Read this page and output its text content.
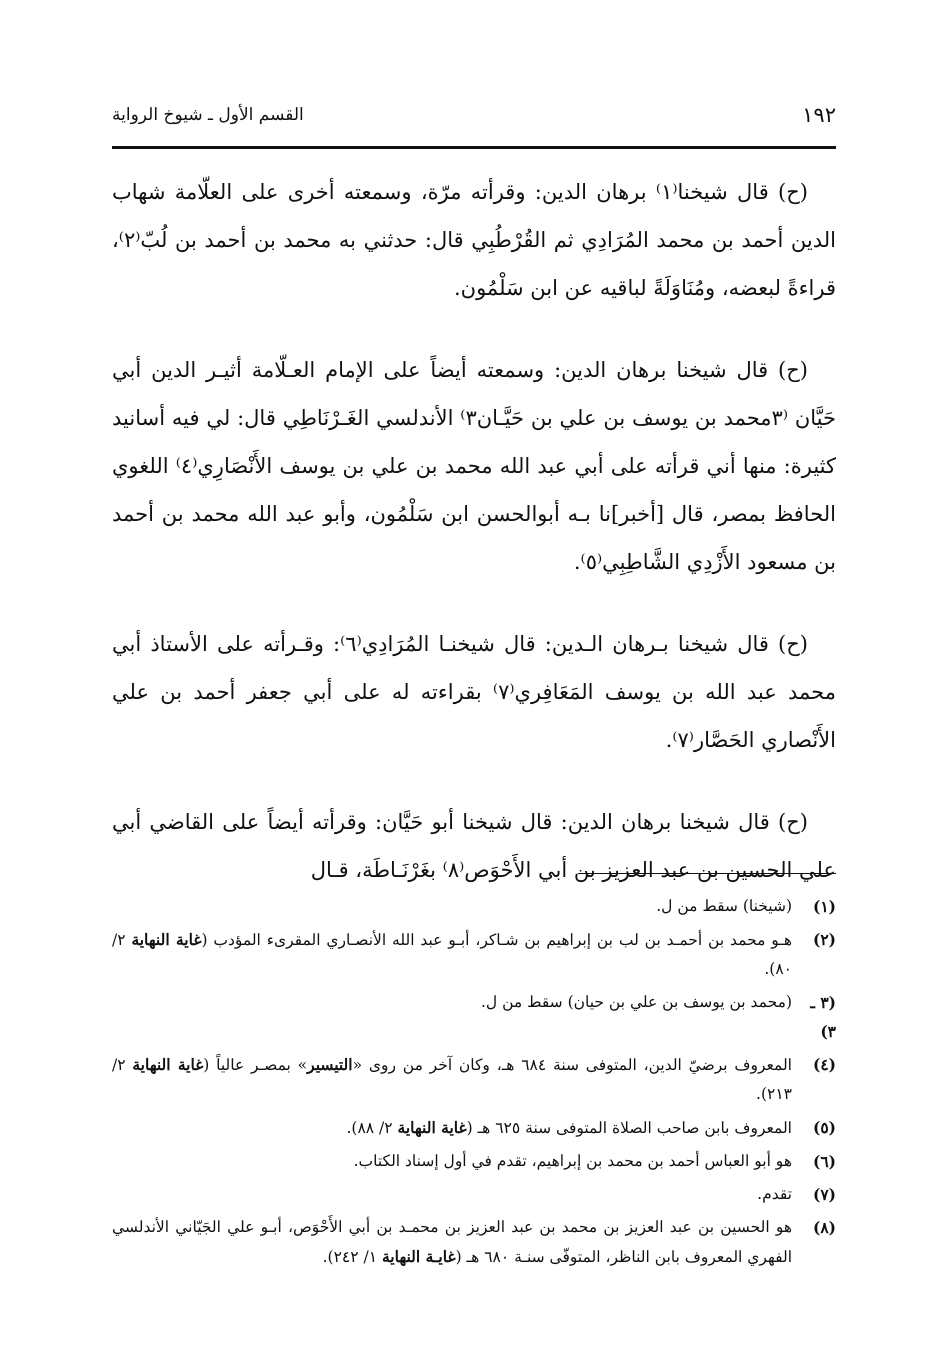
١٩٢
القسم الأول ـ شيوخ الرواية

(ح) قال شيخنا⁽١⁾ برهان الدين: وقرأته مرّة، وسمعته أخرى على العلّامة شهاب الدين أحمد بن محمد المُرَادِي ثم القُرْطُبِي قال: حدثني به محمد بن أحمد بن لُبّ⁽٢⁾، قراءةً لبعضه، ومُنَاوَلَةً لباقيه عن ابن سَلْمُون.

(ح) قال شيخنا برهان الدين: وسمعته أيضاً على الإمام العـلّامة أثيـر الدين أبي حَيَّان ⁽٣محمد بن يوسف بن علي بن حَيَّـان٣⁾ الأندلسي الغَـرْنَاطِي قال: لي فيه أسانيد كثيرة: منها أني قرأته على أبي عبد الله محمد بن علي بن يوسف الأَنْصَارِي⁽٤⁾ اللغوي الحافظ بمصر، قال [أخبر]نا بـه أبوالحسن ابن سَلْمُون، وأبو عبد الله محمد بن أحمد بن مسعود الأَزْدِي الشَّاطِبِي⁽٥⁾.

(ح) قال شيخنا بـرهان الـدين: قال شيخنـا المُرَادِي⁽٦⁾: وقـرأته على الأستاذ أبي محمد عبد الله بن يوسف المَعَافِري⁽٧⁾ بقراءته له على أبي جعفر أحمد بن علي الأَنْصاري الحَصَّار⁽٧⁾.

(ح) قال شيخنا برهان الدين: قال شيخنا أبو حَيَّان: وقرأته أيضاً على القاضي أبي علي الحسين بن عبد العزيز بن أبي الأَحْوَص⁽٨⁾ بغَرْنَـاطَة، قـال

(١)
(شيخنا) سقط من ل.
(٢)
هـو محمد بن أحمـد بن لب بن إبراهيم بن شـاكر، أبـو عبد الله الأنصـاري المقرىء المؤدب (غاية النهاية ٢/ ٨٠).
(٣ ـ ٣)
(محمد بن يوسف بن علي بن حيان) سقط من ل.
(٤)
المعروف برضيّ الدين، المتوفى سنة ٦٨٤ هـ، وكان آخر من روى «التيسير» بمصـر عالياً (غاية النهاية ٢/ ٢١٣).
(٥)
المعروف بابن صاحب الصلاة المتوفى سنة ٦٢٥ هـ (غاية النهاية ٢/ ٨٨).
(٦)
هو أبو العباس أحمد بن محمد بن إبراهيم، تقدم في أول إسناد الكتاب.
(٧)
تقدم.
(٨)
هو الحسين بن عبد العزيز بن محمد بن عبد العزيز بن محمـد بن أبي الأَحْوَص، أبـو علي الجَيّاني الأندلسي الفهري المعروف بابن الناظر، المتوفّى سنـة ٦٨٠ هـ (غايـة النهاية ١/ ٢٤٢).
